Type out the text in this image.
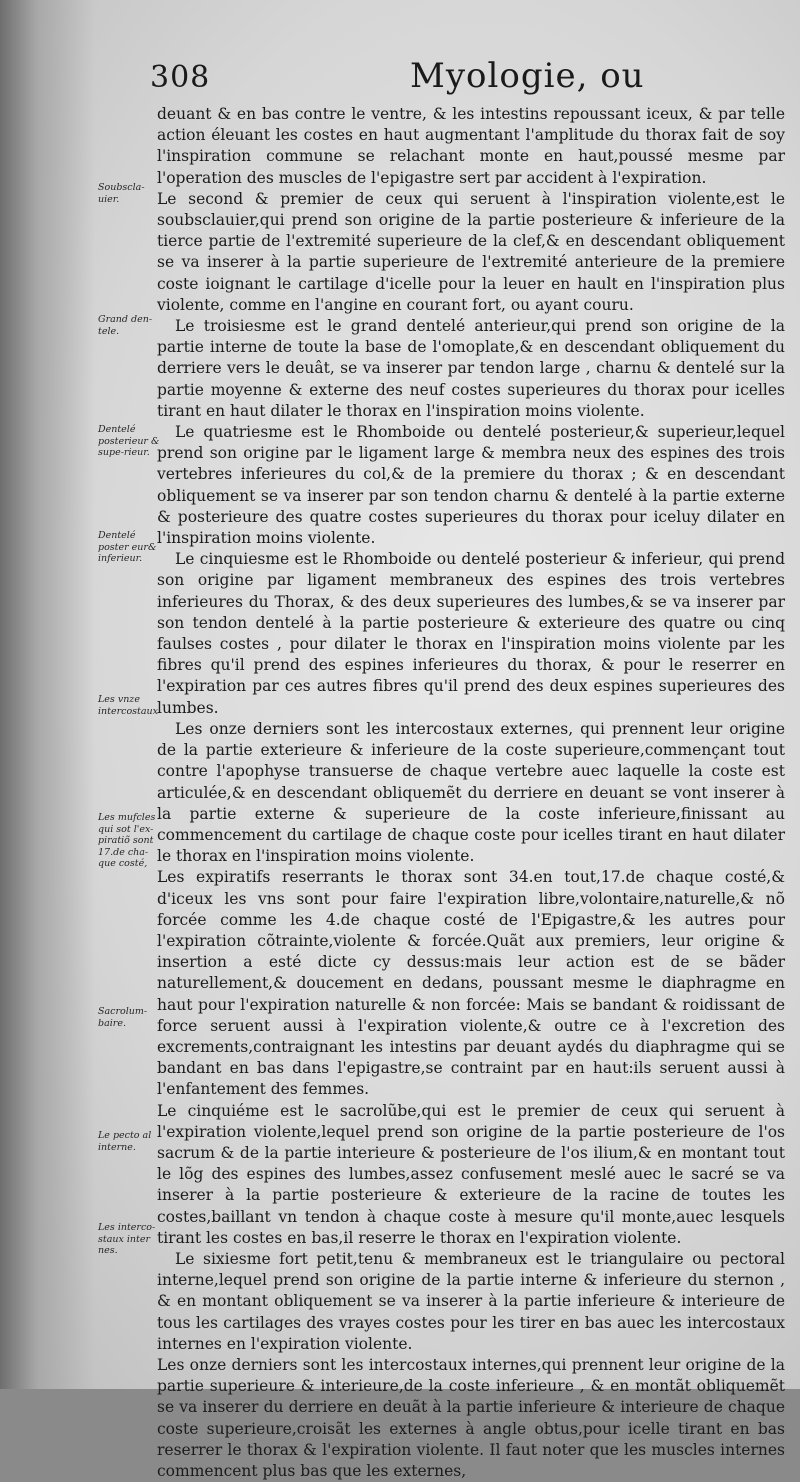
308	Myologie, ou
Soubscla-uier.
Grand den-tele.
Dentelé posterieur & supe-rieur.
Dentelé poster eur& inferieur.
Les vnze intercostaux
Les mufcles qui sot l'ex-piratiõ sont 17.de cha-que costé,
Sacrolum-baire.
Le pecto al interne.
Les interco-staux inter nes.

deuant & en bas contre le ventre, & les intestins repoussant iceux, & par telle action éleuant les costes en haut augmentant l'amplitude du thorax fait de soy l'inspiration commune se relachant monte en haut,poussé mesme par l'operation des muscles de l'epigastre sert par accident à l'expiration.

Le second & premier de ceux qui seruent à l'inspiration violente,est le soubsclauier,qui prend son origine de la partie posterieure & inferieure de la tierce partie de l'extremité superieure de la clef,& en descendant obliquement se va inserer à la partie superieure de l'extremité anterieure de la premiere coste ioignant le cartilage d'icelle pour la leuer en hault en l'inspiration plus violente, comme en l'angine en courant fort, ou ayant couru.

Le troisiesme est le grand dentelé anterieur,qui prend son origine de la partie interne de toute la base de l'omoplate,& en descendant obliquement du derriere vers le deuât, se va inserer par tendon large , charnu & dentelé sur la partie moyenne & externe des neuf costes superieures du thorax pour icelles tirant en haut dilater le thorax en l'inspiration moins violente.

Le quatriesme est le Rhomboide ou dentelé posterieur,& superieur,lequel prend son origine par le ligament large & membra neux des espines des trois vertebres inferieures du col,& de la premiere du thorax ; & en descendant obliquement se va inserer par son tendon charnu & dentelé à la partie externe & posterieure des quatre costes superieures du thorax pour iceluy dilater en l'inspiration moins violente.

Le cinquiesme est le Rhomboide ou dentelé posterieur & inferieur, qui prend son origine par ligament membraneux des espines des trois vertebres inferieures du Thorax, & des deux superieures des lumbes,& se va inserer par son tendon dentelé à la partie posterieure & exterieure des quatre ou cinq faulses costes , pour dilater le thorax en l'inspiration moins violente par les fibres qu'il prend des espines inferieures du thorax, & pour le reserrer en l'expiration par ces autres fibres qu'il prend des deux espines superieures des lumbes.

Les onze derniers sont les intercostaux externes, qui prennent leur origine de la partie exterieure & inferieure de la coste superieure,commençant tout contre l'apophyse transuerse de chaque vertebre auec laquelle la coste est articulée,& en descendant obliquemẽt du derriere en deuant se vont inserer à la partie externe & superieure de la coste inferieure,finissant au commencement du cartilage de chaque coste pour icelles tirant en haut dilater le thorax en l'inspiration moins violente.

Les expiratifs reserrants le thorax sont 34.en tout,17.de chaque costé,& d'iceux les vns sont pour faire l'expiration libre,volontaire,naturelle,& nõ forcée comme les 4.de chaque costé de l'Epigastre,& les autres pour l'expiration cõtrainte,violente & forcée.Quãt aux premiers, leur origine & insertion a esté dicte cy dessus:mais leur action est de se bãder naturellement,& doucement en dedans, poussant mesme le diaphragme en haut pour l'expiration naturelle & non forcée: Mais se bandant & roidissant de force seruent aussi à l'expiration violente,& outre ce à l'excretion des excrements,contraignant les intestins par deuant aydés du diaphragme qui se bandant en bas dans l'epigastre,se contraint par en haut:ils seruent aussi à l'enfantement des femmes.

Le cinquiéme est le sacrolũbe,qui est le premier de ceux qui seruent à l'expiration violente,lequel prend son origine de la partie posterieure de l'os sacrum & de la partie interieure & posterieure de l'os ilium,& en montant tout le lõg des espines des lumbes,assez confusement meslé auec le sacré se va inserer à la partie posterieure & exterieure de la racine de toutes les costes,baillant vn tendon à chaque coste à mesure qu'il monte,auec lesquels tirant les costes en bas,il reserre le thorax en l'expiration violente.

Le sixiesme fort petit,tenu & membraneux est le triangulaire ou pectoral interne,lequel prend son origine de la partie interne & inferieure du sternon , & en montant obliquement se va inserer à la partie inferieure & interieure de tous les cartilages des vrayes costes pour les tirer en bas auec les intercostaux internes en l'expiration violente.

Les onze derniers sont les intercostaux internes,qui prennent leur origine de la partie superieure & interieure,de la coste inferieure , & en montãt obliquemẽt se va inserer du derriere en deuãt à la partie inferieure & interieure de chaque coste superieure,croisãt les externes à angle obtus,pour icelle tirant en bas reserrer le thorax & l'expiration violente. Il faut noter que les muscles internes commencent plus bas que les externes,
